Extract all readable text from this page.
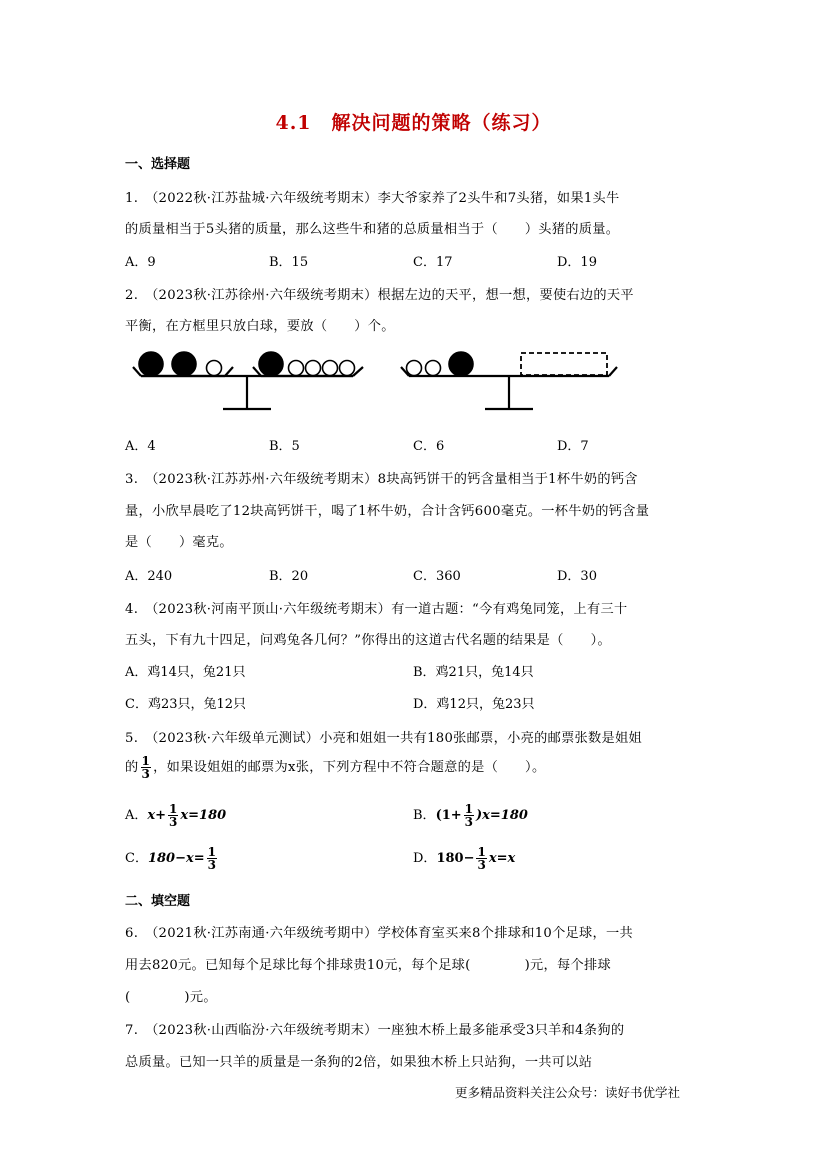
4.1　解决问题的策略（练习）
一、选择题
1.　（2022秋·江苏盐城·六年级统考期末）李大爷家养了2头牛和7头猪，如果1头牛
的质量相当于5头猪的质量，那么这些牛和猪的总质量相当于（　　）头猪的质量。
A．9	B．15	C．17	D．19
2.　（2023秋·江苏徐州·六年级统考期末）根据左边的天平，想一想，要使右边的天平
平衡，在方框里只放白球，要放（　　）个。
A．4	B．5	C．6	D．7
3.　（2023秋·江苏苏州·六年级统考期末）8块高钙饼干的钙含量相当于1杯牛奶的钙含
量，小欣早晨吃了12块高钙饼干，喝了1杯牛奶，合计含钙600毫克。一杯牛奶的钙含量
是（　　）毫克。
A．240	B．20	C．360	D．30
4.　（2023秋·河南平顶山·六年级统考期末）有一道古题：“今有鸡兔同笼，上有三十
五头，下有九十四足，问鸡兔各几何？”你得出的这道古代名题的结果是（　　）。
A．鸡14只，兔21只	B．鸡21只，兔14只
C．鸡23只，兔12只	D．鸡12只，兔23只
5.　（2023秋·六年级单元测试）小亮和姐姐一共有180张邮票，小亮的邮票张数是姐姐
的 $\frac{1}{3}$ ，如果设姐姐的邮票为x张，下列方程中不符合题意的是（　　）。
A．$x+ \frac{1}{3} x=180$	B．$(1+ \frac{1}{3} )x=180$
C．$180-x= \frac{1}{3}$	D．$180- \frac{1}{3} x=x$
二、填空题
6.　（2021秋·江苏南通·六年级统考期中）学校体育室买来8个排球和10个足球，一共
用去820元。已知每个足球比每个排球贵10元，每个足球(　　　　)元，每个排球
(　　　　)元。
7.　（2023秋·山西临汾·六年级统考期末）一座独木桥上最多能承受3只羊和4条狗的
总质量。已知一只羊的质量是一条狗的2倍，如果独木桥上只站狗，一共可以站
更多精品资料关注公众号：读好书优学社
